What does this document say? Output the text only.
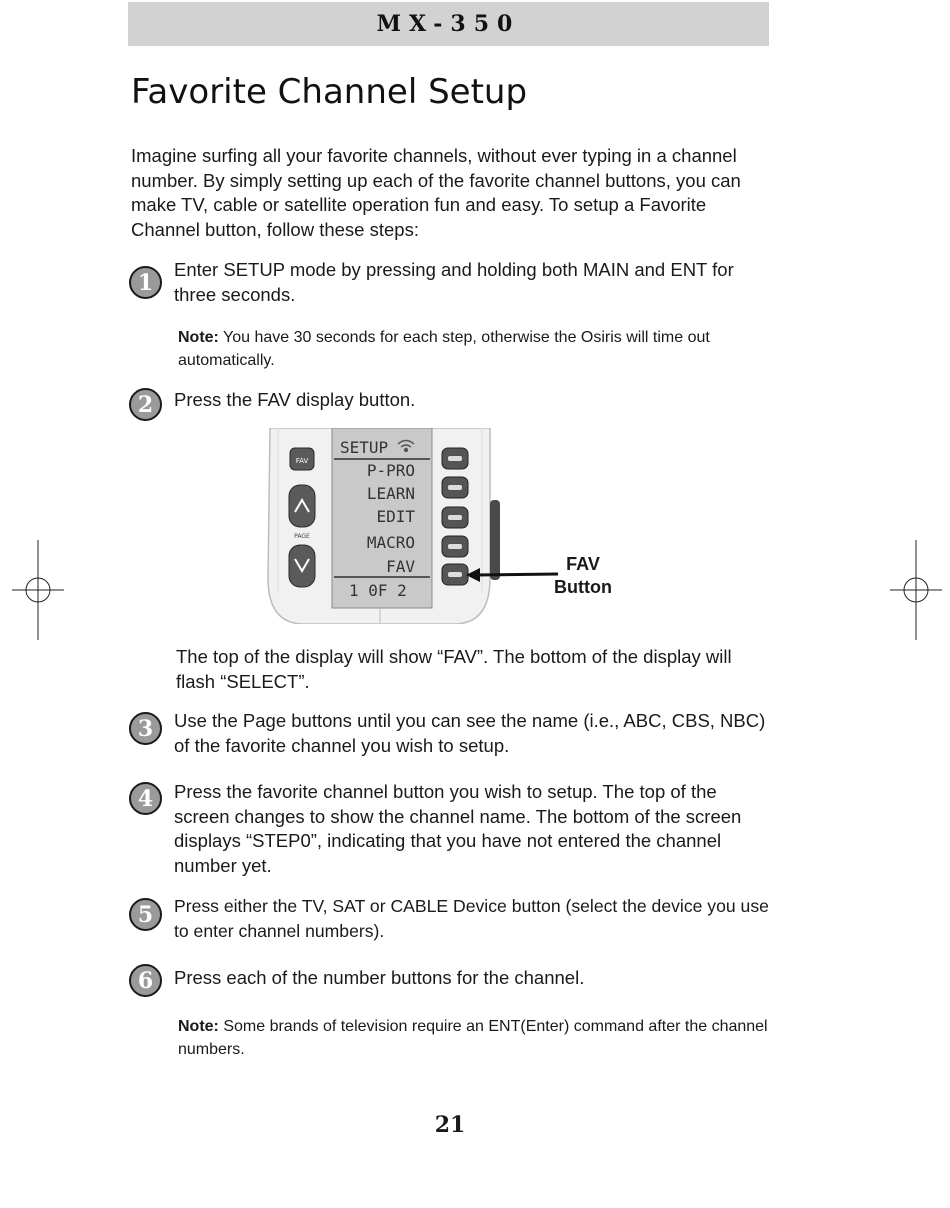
MX-350
Favorite Channel Setup

Imagine surfing all your favorite channels, without ever typing in a channel number. By simply setting up each of the favorite channel buttons, you can make TV, cable or satellite operation fun and easy. To setup a Favorite Channel button, follow these steps:

1	Enter SETUP mode by pressing and holding both MAIN and ENT for three seconds.

Note: You have 30 seconds for each step, otherwise the Osiris will time out automatically.

2	Press the FAV display button.

SETUP
P-PRO
LEARN
EDIT
MACRO
FAV
1 0F 2
FAV
PAGE
FAV
Button

The top of the display will show “FAV”. The bottom of the display will flash “SELECT”.

3	Use the Page buttons until you can see the name (i.e., ABC, CBS, NBC) of the favorite channel you wish to setup.

4	Press the favorite channel button you wish to setup. The top of the screen changes to show the channel name. The bottom of the screen displays “STEP0”, indicating that you have not entered the channel number yet.

5	Press either the TV, SAT or CABLE Device button (select the device you use to enter channel numbers).

6	Press each of the number buttons for the channel.

Note: Some brands of television require an ENT(Enter) command after the channel numbers.

21
